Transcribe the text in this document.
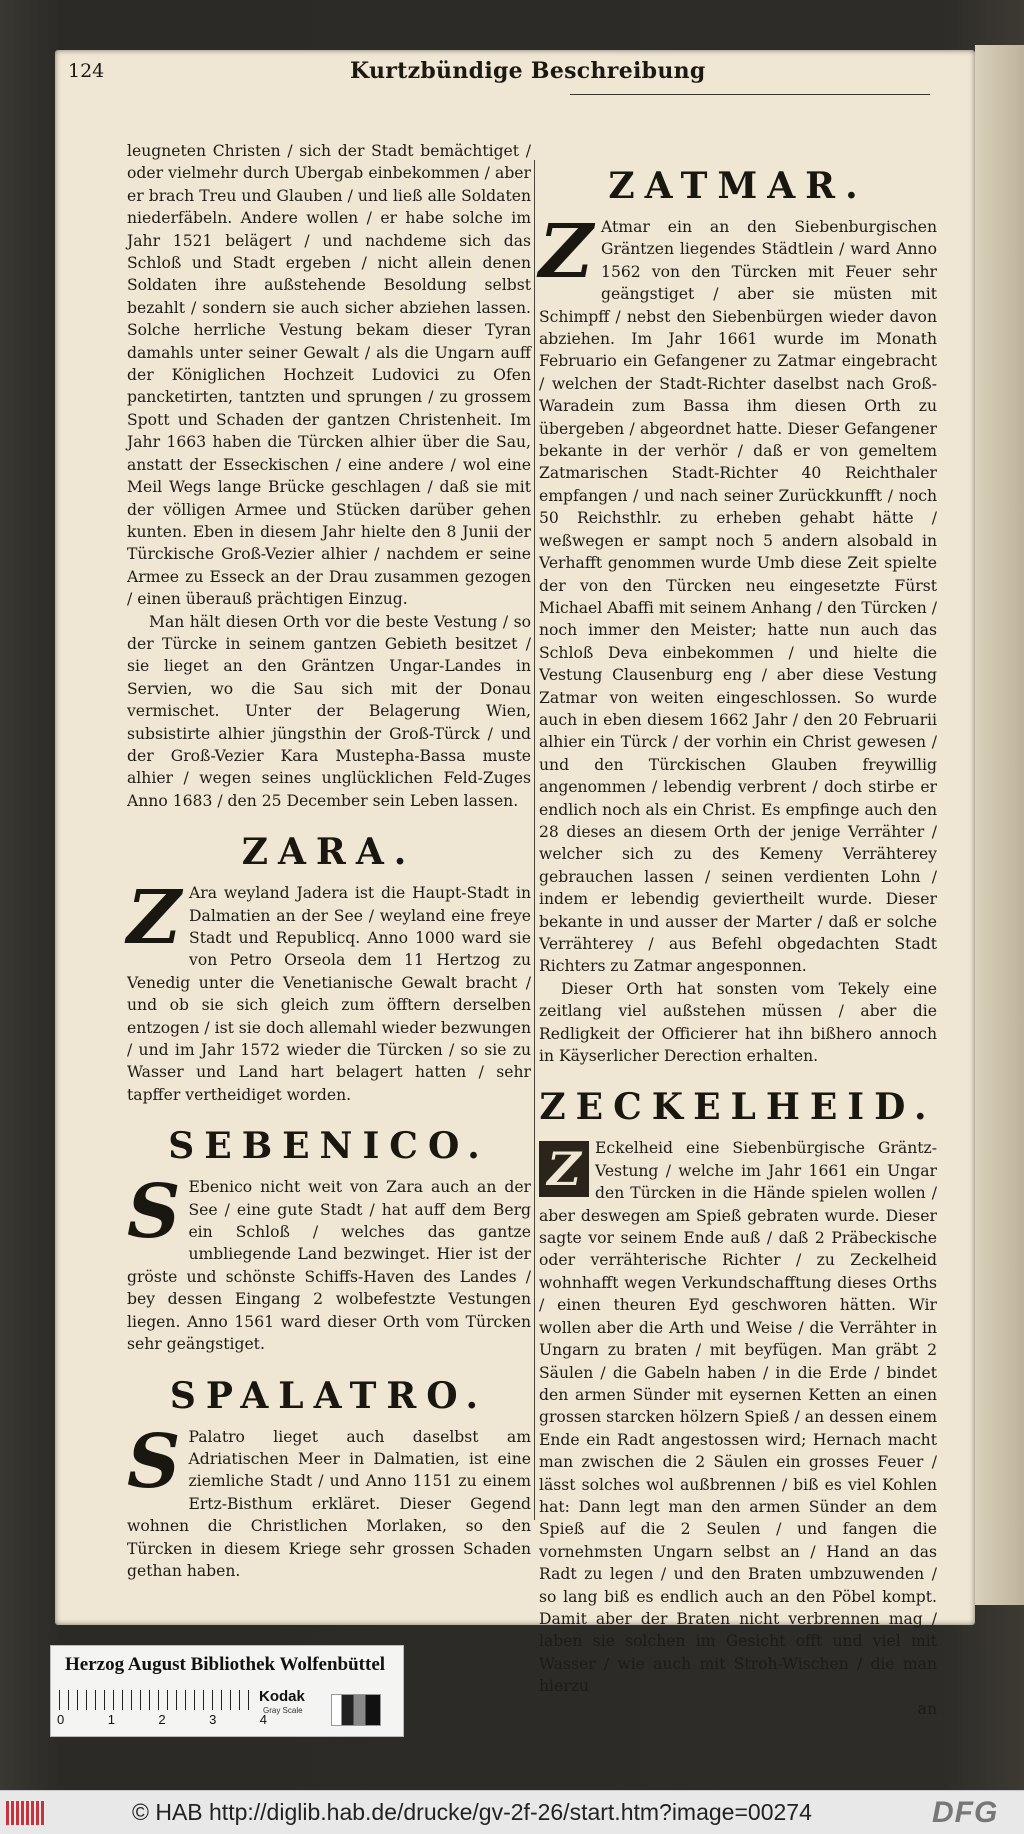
124	Kurtzbündige Beschreibung

leugneten Christen / sich der Stadt bemächtiget / oder vielmehr durch Ubergab einbekommen / aber er brach Treu und Glauben / und ließ alle Soldaten niederfäbeln. Andere wollen / er habe solche im Jahr 1521 belägert / und nachdeme sich das Schloß und Stadt ergeben / nicht allein denen Soldaten ihre außstehende Besoldung selbst bezahlt / sondern sie auch sicher abziehen lassen. Solche herrliche Vestung bekam dieser Tyran damahls unter seiner Gewalt / als die Ungarn auff der Königlichen Hochzeit Ludovici zu Ofen pancketirten, tantzten und sprungen / zu grossem Spott und Schaden der gantzen Christenheit. Im Jahr 1663 haben die Türcken alhier über die Sau, anstatt der Esseckischen / eine andere / wol eine Meil Wegs lange Brücke geschlagen / daß sie mit der völligen Armee und Stücken darüber gehen kunten. Eben in diesem Jahr hielte den 8 Junii der Türckische Groß-Vezier alhier / nachdem er seine Armee zu Esseck an der Drau zusammen gezogen / einen überauß prächtigen Einzug.

Man hält diesen Orth vor die beste Vestung / so der Türcke in seinem gantzen Gebieth besitzet / sie lieget an den Gräntzen Ungar-Landes in Servien, wo die Sau sich mit der Donau vermischet. Unter der Belagerung Wien, subsistirte alhier jüngsthin der Groß-Türck / und der Groß-Vezier Kara Mustepha-Bassa muste alhier / wegen seines unglücklichen Feld-Zuges Anno 1683 / den 25 December sein Leben lassen.

ZARA.

Z Ara weyland Jadera ist die Haupt-Stadt in Dalmatien an der See / weyland eine freye Stadt und Republicq. Anno 1000 ward sie von Petro Orseola dem 11 Hertzog zu Venedig unter die Venetianische Gewalt bracht / und ob sie sich gleich zum öfftern derselben entzogen / ist sie doch allemahl wieder bezwungen / und im Jahr 1572 wieder die Türcken / so sie zu Wasser und Land hart belagert hatten / sehr tapffer vertheidiget worden.

SEBENICO.

S Ebenico nicht weit von Zara auch an der See / eine gute Stadt / hat auff dem Berg ein Schloß / welches das gantze umbliegende Land bezwinget. Hier ist der gröste und schönste Schiffs-Haven des Landes / bey dessen Eingang 2 wolbefestzte Vestungen liegen. Anno 1561 ward dieser Orth vom Türcken sehr geängstiget.

SPALATRO.

S Palatro lieget auch daselbst am Adriatischen Meer in Dalmatien, ist eine ziemliche Stadt / und Anno 1151 zu einem Ertz-Bisthum erkläret. Dieser Gegend wohnen die Christlichen Morlaken, so den Türcken in diesem Kriege sehr grossen Schaden gethan haben.

ZATMAR.

Z Atmar ein an den Siebenburgischen Gräntzen liegendes Städtlein / ward Anno 1562 von den Türcken mit Feuer sehr geängstiget / aber sie müsten mit Schimpff / nebst den Siebenbürgen wieder davon abziehen. Im Jahr 1661 wurde im Monath Februario ein Gefangener zu Zatmar eingebracht / welchen der Stadt-Richter daselbst nach Groß-Waradein zum Bassa ihm diesen Orth zu übergeben / abgeordnet hatte. Dieser Gefangener bekante in der verhör / daß er von gemeltem Zatmarischen Stadt-Richter 40 Reichthaler empfangen / und nach seiner Zurückkunfft / noch 50 Reichsthlr. zu erheben gehabt hätte / weßwegen er sampt noch 5 andern alsobald in Verhafft genommen wurde Umb diese Zeit spielte der von den Türcken neu eingesetzte Fürst Michael Abaffi mit seinem Anhang / den Türcken / noch immer den Meister; hatte nun auch das Schloß Deva einbekommen / und hielte die Vestung Clausenburg eng / aber diese Vestung Zatmar von weiten eingeschlossen. So wurde auch in eben diesem 1662 Jahr / den 20 Februarii alhier ein Türck / der vorhin ein Christ gewesen / und den Türckischen Glauben freywillig angenommen / lebendig verbrent / doch stirbe er endlich noch als ein Christ. Es empfinge auch den 28 dieses an diesem Orth der jenige Verrähter / welcher sich zu des Kemeny Verrähterey gebrauchen lassen / seinen verdienten Lohn / indem er lebendig geviertheilt wurde. Dieser bekante in und ausser der Marter / daß er solche Verrähterey / aus Befehl obgedachten Stadt Richters zu Zatmar angesponnen.

Dieser Orth hat sonsten vom Tekely eine zeitlang viel außstehen müssen / aber die Redligkeit der Officierer hat ihn bißhero annoch in Käyserlicher Derection erhalten.

ZECKELHEID.

Z Eckelheid eine Siebenbürgische Gräntz-Vestung / welche im Jahr 1661 ein Ungar den Türcken in die Hände spielen wollen / aber deswegen am Spieß gebraten wurde. Dieser sagte vor seinem Ende auß / daß 2 Präbeckische oder verrähterische Richter / zu Zeckelheid wohnhafft wegen Verkundschafftung dieses Orths / einen theuren Eyd geschworen hätten. Wir wollen aber die Arth und Weise / die Verrähter in Ungarn zu braten / mit beyfügen. Man gräbt 2 Säulen / die Gabeln haben / in die Erde / bindet den armen Sünder mit eysernen Ketten an einen grossen starcken hölzern Spieß / an dessen einem Ende ein Radt angestossen wird; Hernach macht man zwischen die 2 Säulen ein grosses Feuer / lässt solches wol außbrennen / biß es viel Kohlen hat: Dann legt man den armen Sünder an dem Spieß auf die 2 Seulen / und fangen die vornehmsten Ungarn selbst an / Hand an das Radt zu legen / und den Braten umbzuwenden / so lang biß es endlich auch an den Pöbel kompt. Damit aber der Braten nicht verbrennen mag / laben sie solchen im Gesicht offt und viel mit Wasser / wie auch mit Stroh-Wischen / die man hierzu

an
Herzog August Bibliothek Wolfenbüttel
0	1	2	3	4
Kodak
Gray Scale
© HAB http://diglib.hab.de/drucke/gv-2f-26/start.htm?image=00274	DFG
